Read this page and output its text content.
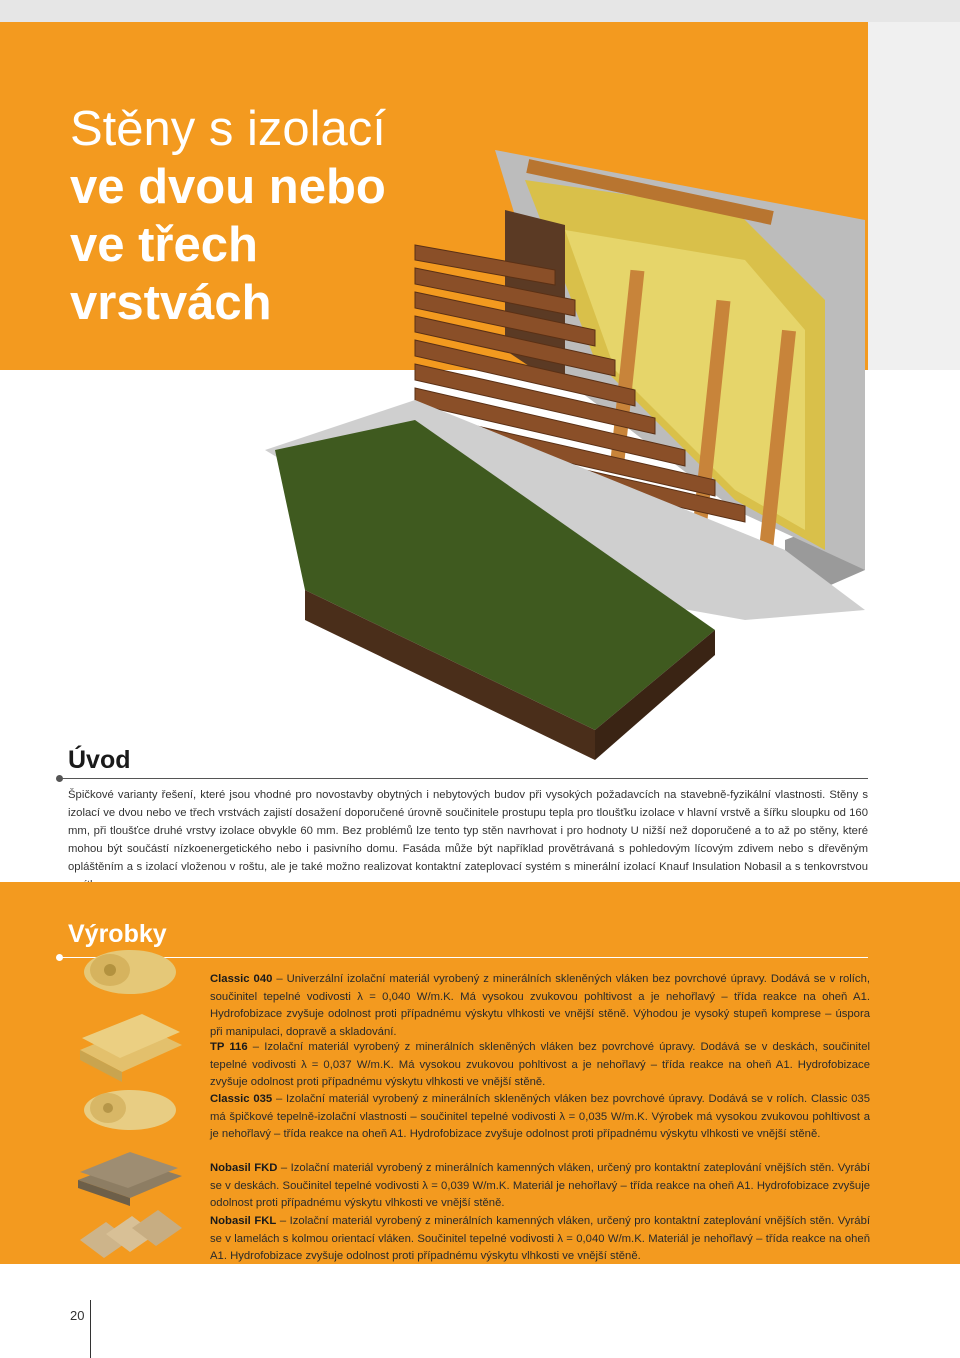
Stěny s izolací
ve dvou nebo
ve třech
vrstvách
Úvod
Špičkové varianty řešení, které jsou vhodné pro novostavby obytných i nebytových budov při vysokých požadavcích na stavebně-fyzikální vlastnosti. Stěny s izolací ve dvou nebo ve třech vrstvách zajistí dosažení doporučené úrovně součinitele prostupu tepla pro tloušťku izolace v hlavní vrstvě a šířku sloupku od 160 mm, při tloušťce druhé vrstvy izolace obvykle 60 mm. Bez problémů lze tento typ stěn navrhovat i pro hodnoty U nižší než doporučené a to až po stěny, které mohou být součástí nízkoenergetického nebo i pasivního domu. Fasáda může být například provětrávaná s pohledovým lícovým zdivem nebo s dřevěným opláštěním a s izolací vloženou v roštu, ale je také možno realizovat kontaktní zateplovací systém s minerální izolací Knauf Insulation Nobasil a s tenkovrstvou
Výrobky
Classic 040 – Univerzální izolační materiál vyrobený z minerálních skleněných vláken bez povrchové úpravy. Dodává se v rolích, součinitel tepelné vodivosti λ = 0,040 W/m.K. Má vysokou zvukovou pohltivost a je nehořlavý – třída reakce na oheň A1. Hydrofobizace zvyšuje odolnost proti případnému výskytu vlhkosti ve vnější stěně. Výhodou je vysoký stupeň komprese – úspora při manipulaci, dopravě a skladování.
TP 116 – Izolační materiál vyrobený z minerálních skleněných vláken bez povrchové úpravy. Dodává se v deskách, součinitel tepelné vodivosti λ = 0,037 W/m.K. Má vysokou zvukovou pohltivost a je nehořlavý – třída reakce na oheň A1. Hydrofobizace zvyšuje odolnost proti případnému výskytu vlhkosti ve vnější stěně.
Classic 035 – Izolační materiál vyrobený z minerálních skleněných vláken bez povrchové úpravy. Dodává se v rolích. Classic 035 má špičkové tepelně-izolační vlastnosti – součinitel tepelné vodivosti λ = 0,035 W/m.K. Výrobek má vysokou zvukovou pohltivost a je nehořlavý – třída reakce na oheň A1. Hydrofobizace zvyšuje odolnost proti případnému výskytu vlhkosti ve vnější stěně.
Nobasil FKD – Izolační materiál vyrobený z minerálních kamenných vláken, určený pro kontaktní zateplování vnějších stěn. Vyrábí se v deskách. Součinitel tepelné vodivosti λ = 0,039 W/m.K. Materiál je nehořlavý – třída reakce na oheň A1. Hydrofobizace zvyšuje odolnost proti případnému výskytu vlhkosti ve vnější stěně.
Nobasil FKL – Izolační materiál vyrobený z minerálních kamenných vláken, určený pro kontaktní zateplování vnějších stěn. Vyrábí se v lamelách s kolmou orientací vláken. Součinitel tepelné vodivosti λ = 0,040 W/m.K. Materiál je nehořlavý – třída reakce na oheň A1. Hydrofobizace zvyšuje odolnost proti případnému výskytu vlhkosti ve vnější stěně.
20
